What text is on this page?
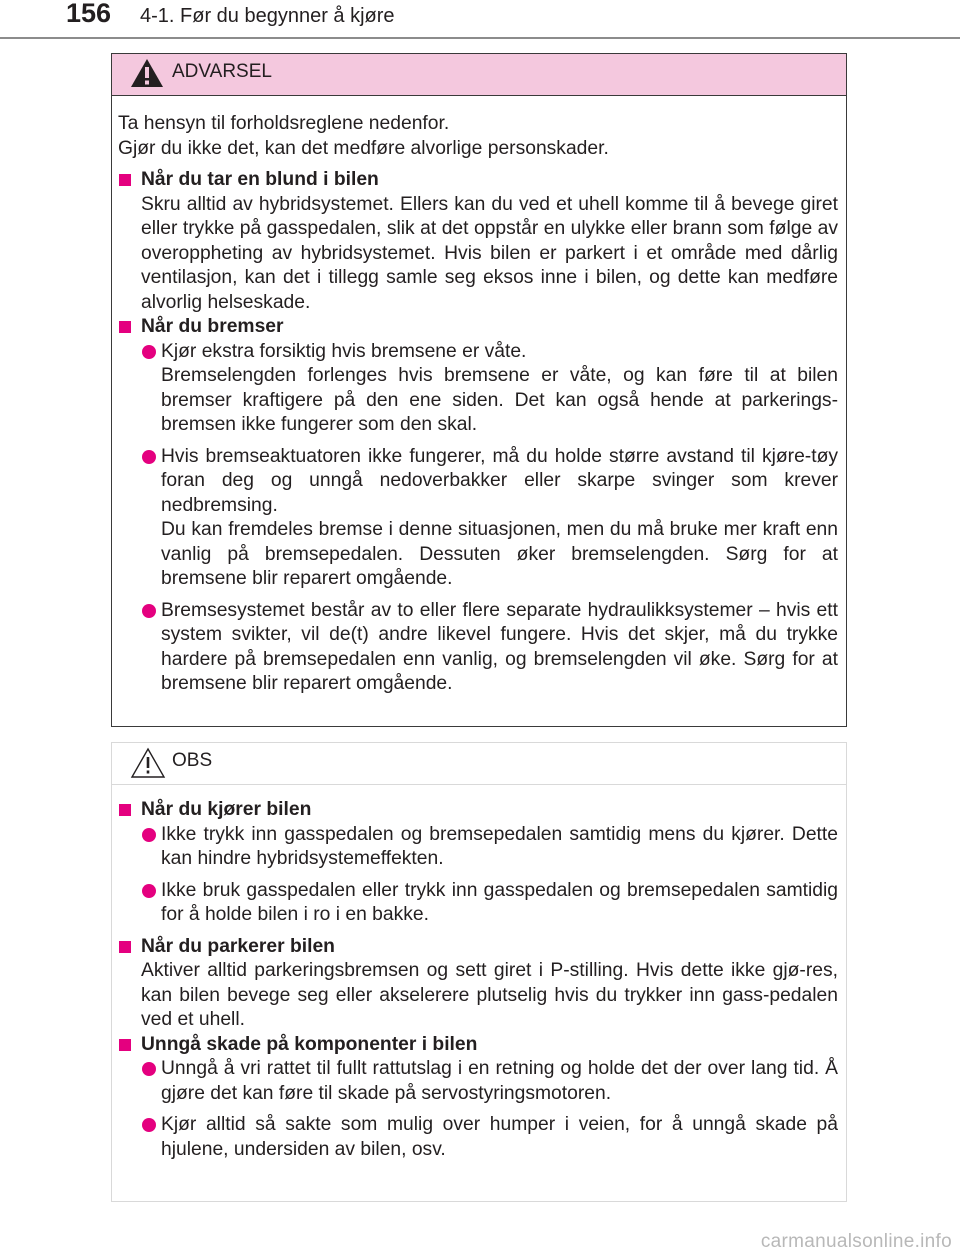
156 4-1. Før du begynner å kjøre
ADVARSEL

Ta hensyn til forholdsreglene nedenfor.
Gjør du ikke det, kan det medføre alvorlige personskader.

Når du tar en blund i bilen

Skru alltid av hybridsystemet. Ellers kan du ved et uhell komme til å bevege giret eller trykke på gasspedalen, slik at det oppstår en ulykke eller brann som følge av overoppheting av hybridsystemet. Hvis bilen er parkert i et område med dårlig ventilasjon, kan det i tillegg samle seg eksos inne i bilen, og dette kan medføre alvorlig helseskade.

Når du bremser

Kjør ekstra forsiktig hvis bremsene er våte.
Bremselengden forlenges hvis bremsene er våte, og kan føre til at bilen bremser kraftigere på den ene siden. Det kan også hende at parkerings-bremsen ikke fungerer som den skal.
Hvis bremseaktuatoren ikke fungerer, må du holde større avstand til kjøre-tøy foran deg og unngå nedoverbakker eller skarpe svinger som krever nedbremsing.
Du kan fremdeles bremse i denne situasjonen, men du må bruke mer kraft enn vanlig på bremsepedalen. Dessuten øker bremselengden. Sørg for at bremsene blir reparert omgående.
Bremsesystemet består av to eller flere separate hydraulikksystemer – hvis ett system svikter, vil de(t) andre likevel fungere. Hvis det skjer, må du trykke hardere på bremsepedalen enn vanlig, og bremselengden vil øke. Sørg for at bremsene blir reparert omgående.
OBS

Når du kjører bilen

Ikke trykk inn gasspedalen og bremsepedalen samtidig mens du kjører. Dette kan hindre hybridsystemeffekten.
Ikke bruk gasspedalen eller trykk inn gasspedalen og bremsepedalen samtidig for å holde bilen i ro i en bakke.

Når du parkerer bilen

Aktiver alltid parkeringsbremsen og sett giret i P-stilling. Hvis dette ikke gjø-res, kan bilen bevege seg eller akselerere plutselig hvis du trykker inn gass-pedalen ved et uhell.

Unngå skade på komponenter i bilen

Unngå å vri rattet til fullt rattutslag i en retning og holde det der over lang tid. Å gjøre det kan føre til skade på servostyringsmotoren.
Kjør alltid så sakte som mulig over humper i veien, for å unngå skade på hjulene, undersiden av bilen, osv.
carmanualsonline.info
